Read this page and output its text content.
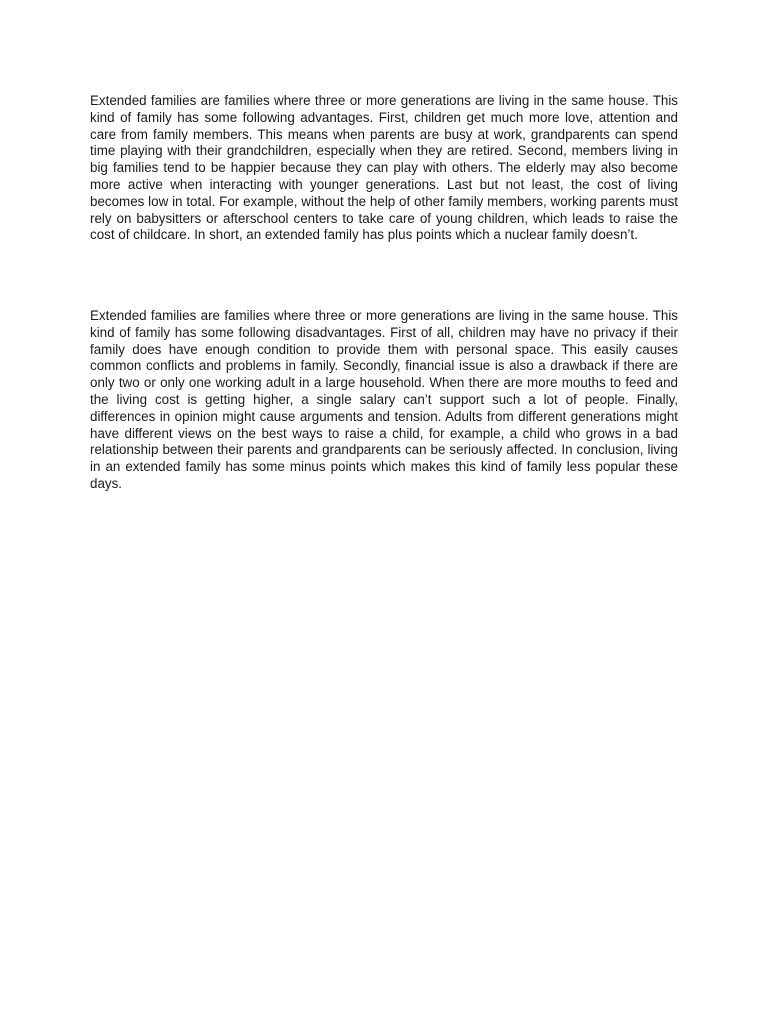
Extended families are families where three or more generations are living in the same house. This kind of family has some following advantages. First, children get much more love, attention and care from family members. This means when parents are busy at work, grandparents can spend time playing with their grandchildren, especially when they are retired. Second, members living in big families tend to be happier because they can play with others. The elderly may also become more active when interacting with younger generations. Last but not least, the cost of living becomes low in total. For example, without the help of other family members, working parents must rely on babysitters or afterschool centers to take care of young children, which leads to raise the cost of childcare. In short, an extended family has plus points which a nuclear family doesn’t.

Extended families are families where three or more generations are living in the same house. This kind of family has some following disadvantages. First of all, children may have no privacy if their family does have enough condition to provide them with personal space. This easily causes common conflicts and problems in family. Secondly, financial issue is also a drawback if there are only two or only one working adult in a large household. When there are more mouths to feed and the living cost is getting higher, a single salary can’t support such a lot of people. Finally, differences in opinion might cause arguments and tension. Adults from different generations might have different views on the best ways to raise a child, for example, a child who grows in a bad relationship between their parents and grandparents can be seriously affected. In conclusion, living in an extended family has some minus points which makes this kind of family less popular these days.
